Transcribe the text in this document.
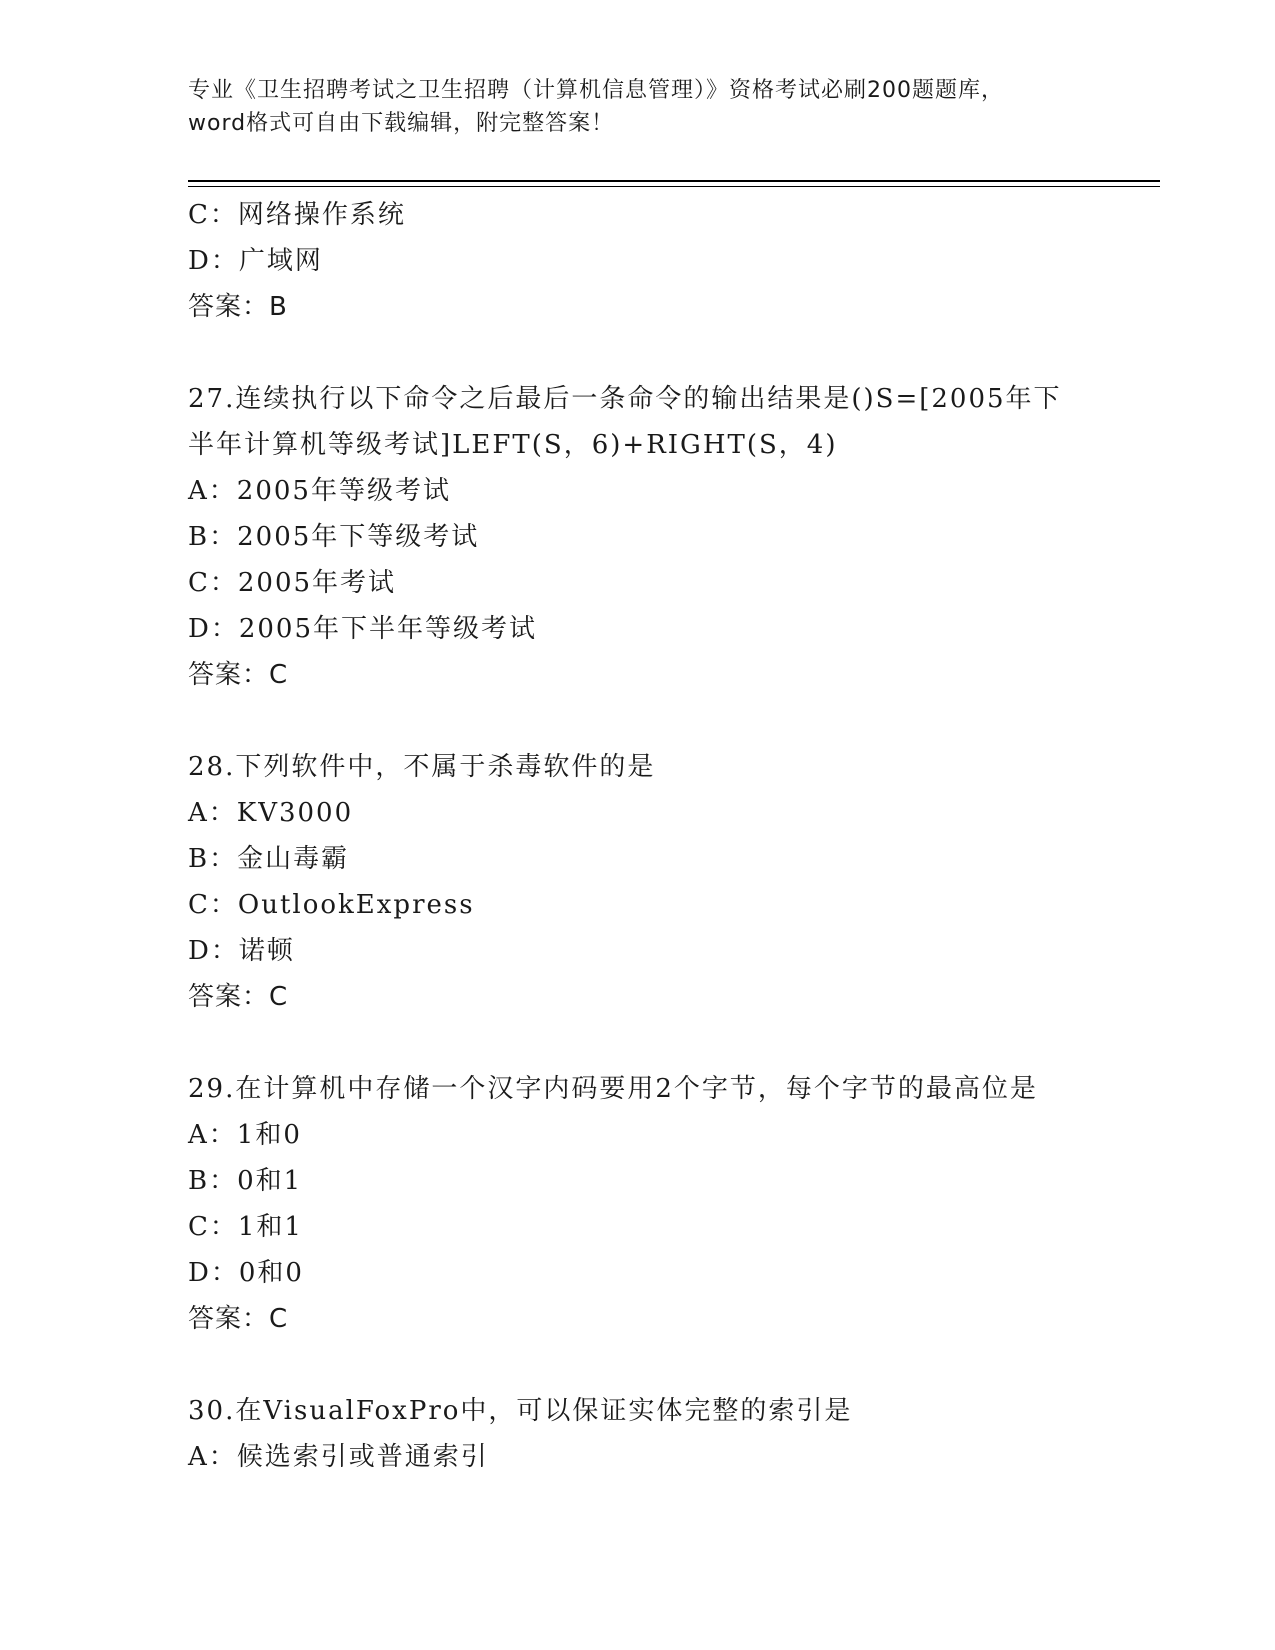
专业《卫生招聘考试之卫生招聘（计算机信息管理）》资格考试必刷200题题库，
word格式可自由下载编辑，附完整答案！
C：网络操作系统
D：广域网
答案：B
27.连续执行以下命令之后最后一条命令的输出结果是()S=[2005年下
半年计算机等级考试]LEFT(S，6)+RIGHT(S，4)
A：2005年等级考试
B：2005年下等级考试
C：2005年考试
D：2005年下半年等级考试
答案：C
28.下列软件中，不属于杀毒软件的是
A：KV3000
B：金山毒霸
C：OutlookExpress
D：诺顿
答案：C
29.在计算机中存储一个汉字内码要用2个字节，每个字节的最高位是
A：1和0
B：0和1
C：1和1
D：0和0
答案：C
30.在VisualFoxPro中，可以保证实体完整的索引是
A：候选索引或普通索引
